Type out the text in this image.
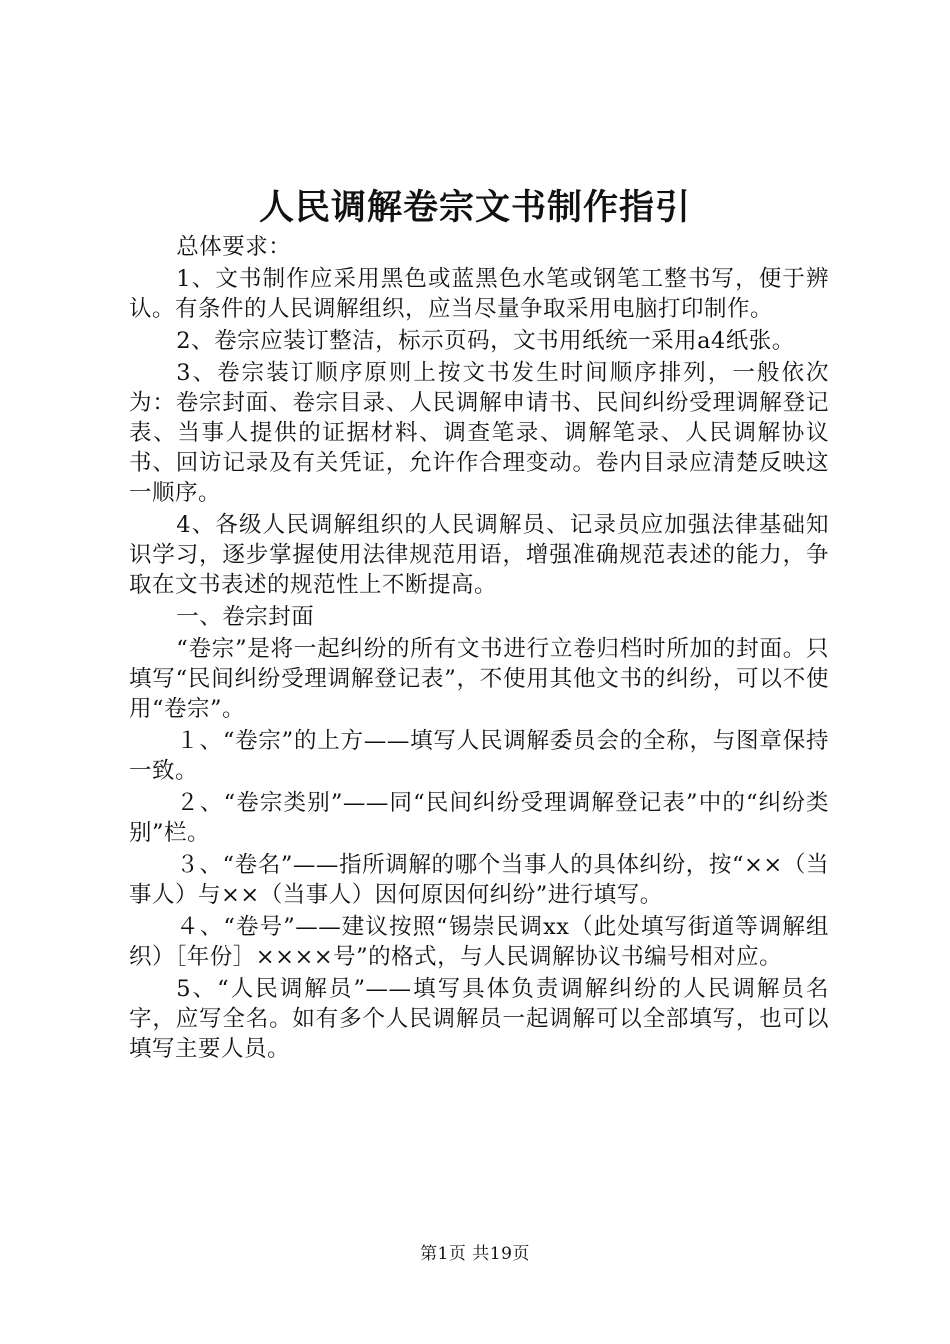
人民调解卷宗文书制作指引

总体要求：

1、文书制作应采用黑色或蓝黑色水笔或钢笔工整书写，便于辨认。有条件的人民调解组织，应当尽量争取采用电脑打印制作。

2、卷宗应装订整洁，标示页码，文书用纸统一采用a4纸张。

3、卷宗装订顺序原则上按文书发生时间顺序排列，一般依次为：卷宗封面、卷宗目录、人民调解申请书、民间纠纷受理调解登记表、当事人提供的证据材料、调查笔录、调解笔录、人民调解协议书、回访记录及有关凭证，允许作合理变动。卷内目录应清楚反映这一顺序。

4、各级人民调解组织的人民调解员、记录员应加强法律基础知识学习，逐步掌握使用法律规范用语，增强准确规范表述的能力，争取在文书表述的规范性上不断提高。

一、卷宗封面

“卷宗”是将一起纠纷的所有文书进行立卷归档时所加的封面。只填写“民间纠纷受理调解登记表”，不使用其他文书的纠纷，可以不使用“卷宗”。

１、“卷宗”的上方——填写人民调解委员会的全称，与图章保持一致。

２、“卷宗类别”——同“民间纠纷受理调解登记表”中的“纠纷类别”栏。

３、“卷名”——指所调解的哪个当事人的具体纠纷，按“××（当事人）与××（当事人）因何原因何纠纷”进行填写。

４、“卷号”——建议按照“锡崇民调xx（此处填写街道等调解组织）［年份］××××号”的格式，与人民调解协议书编号相对应。

5、“人民调解员”——填写具体负责调解纠纷的人民调解员名字，应写全名。如有多个人民调解员一起调解可以全部填写，也可以填写主要人员。

第1页 共19页
